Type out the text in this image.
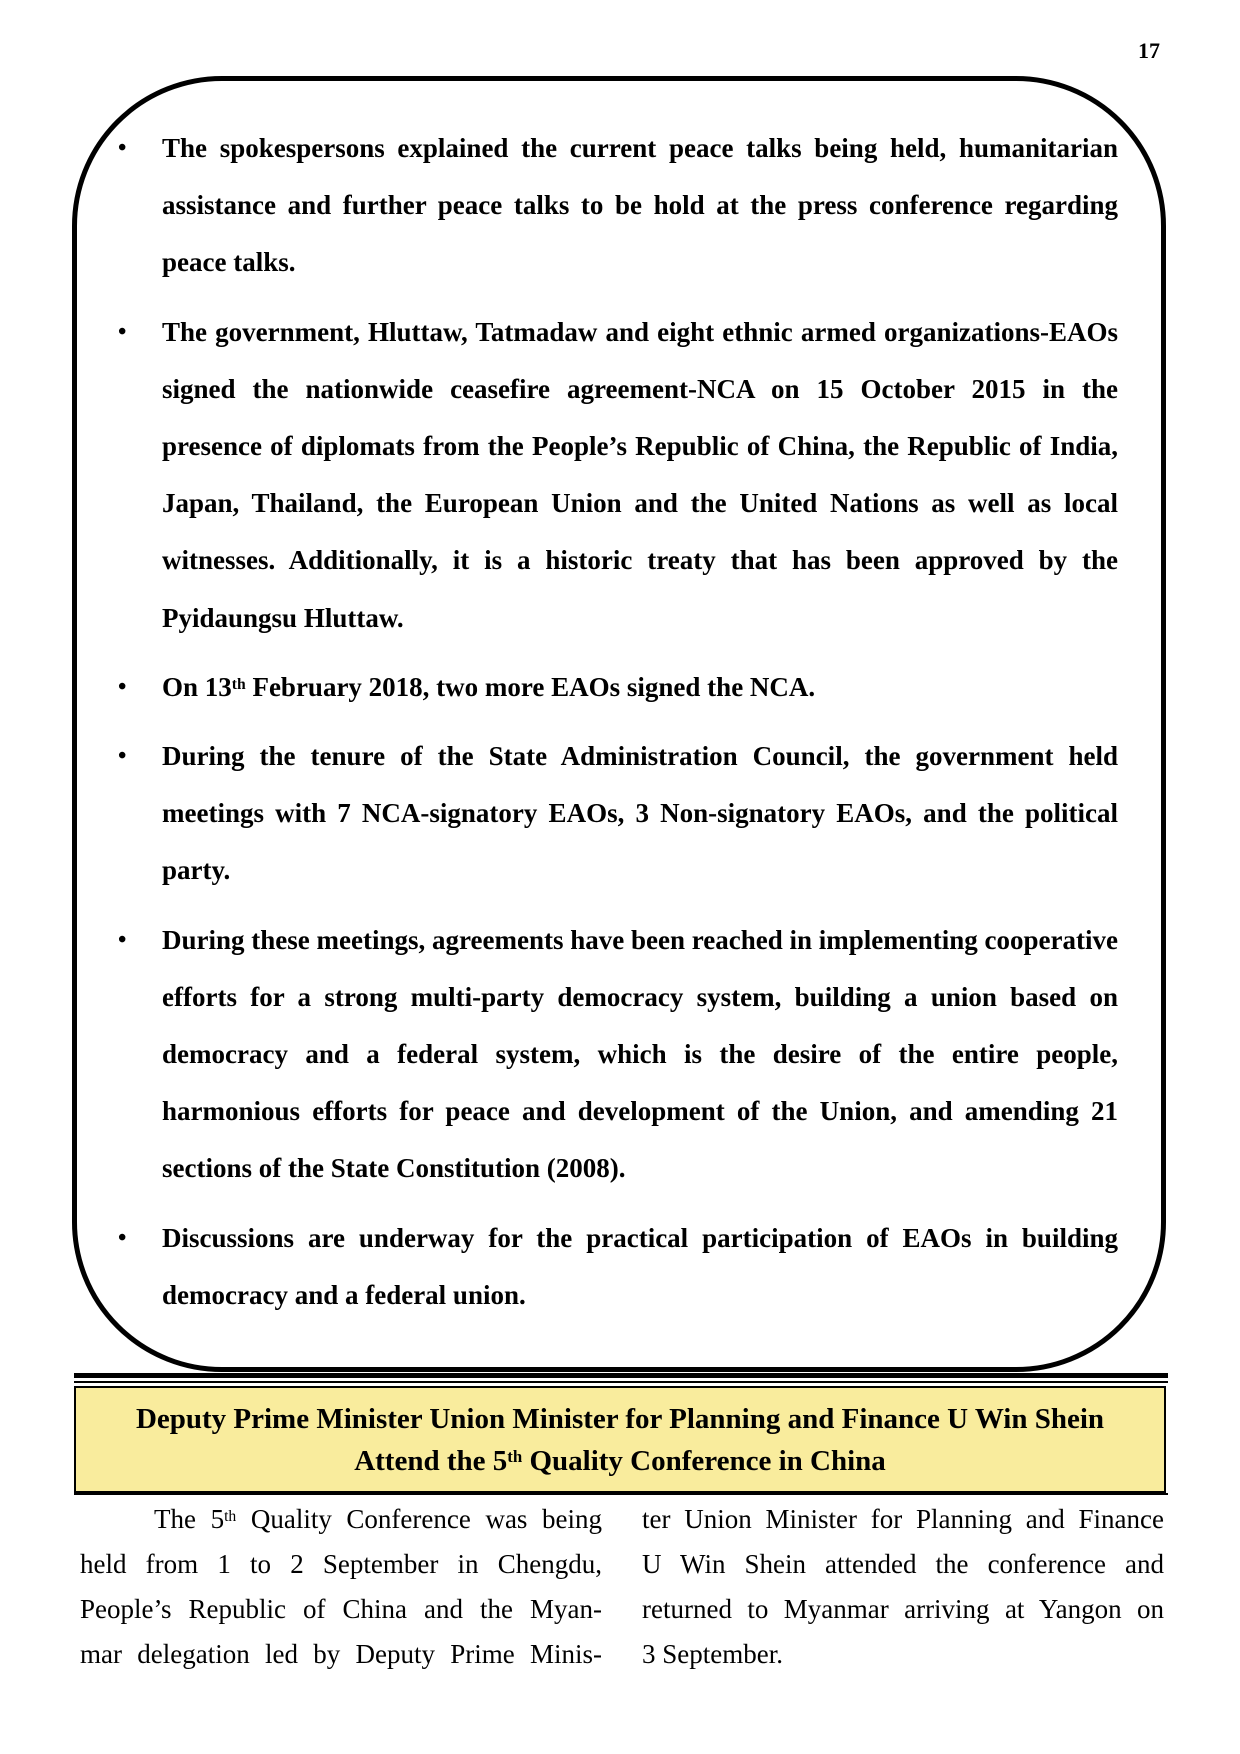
17
• The spokespersons explained the current peace talks being held, humanitarian assistance and further peace talks to be hold at the press conference regarding peace talks.
• The government, Hluttaw, Tatmadaw and eight ethnic armed organizations-EAOs signed the nationwide ceasefire agreement-NCA on 15 October 2015 in the presence of diplomats from the People’s Republic of China, the Republic of India, Japan, Thailand, the European Union and the United Nations as well as local witnesses. Additionally, it is a historic treaty that has been approved by the Pyidaungsu Hluttaw.
• On 13th February 2018, two more EAOs signed the NCA.
• During the tenure of the State Administration Council, the government held meetings with 7 NCA-signatory EAOs, 3 Non-signatory EAOs, and the political party.
• During these meetings, agreements have been reached in implementing cooperative efforts for a strong multi-party democracy system, building a union based on democracy and a federal system, which is the desire of the entire people, harmonious efforts for peace and development of the Union, and amending 21 sections of the State Constitution (2008).
• Discussions are underway for the practical participation of EAOs in building democracy and a federal union.
Deputy Prime Minister Union Minister for Planning and Finance U Win Shein
Attend the 5th Quality Conference in China
The 5th Quality Conference was being
held from 1 to 2 September in Chengdu,
People’s Republic of China and the Myan-
mar delegation led by Deputy Prime Minis-
ter Union Minister for Planning and Finance
U Win Shein attended the conference and
returned to Myanmar arriving at Yangon on
3 September.
